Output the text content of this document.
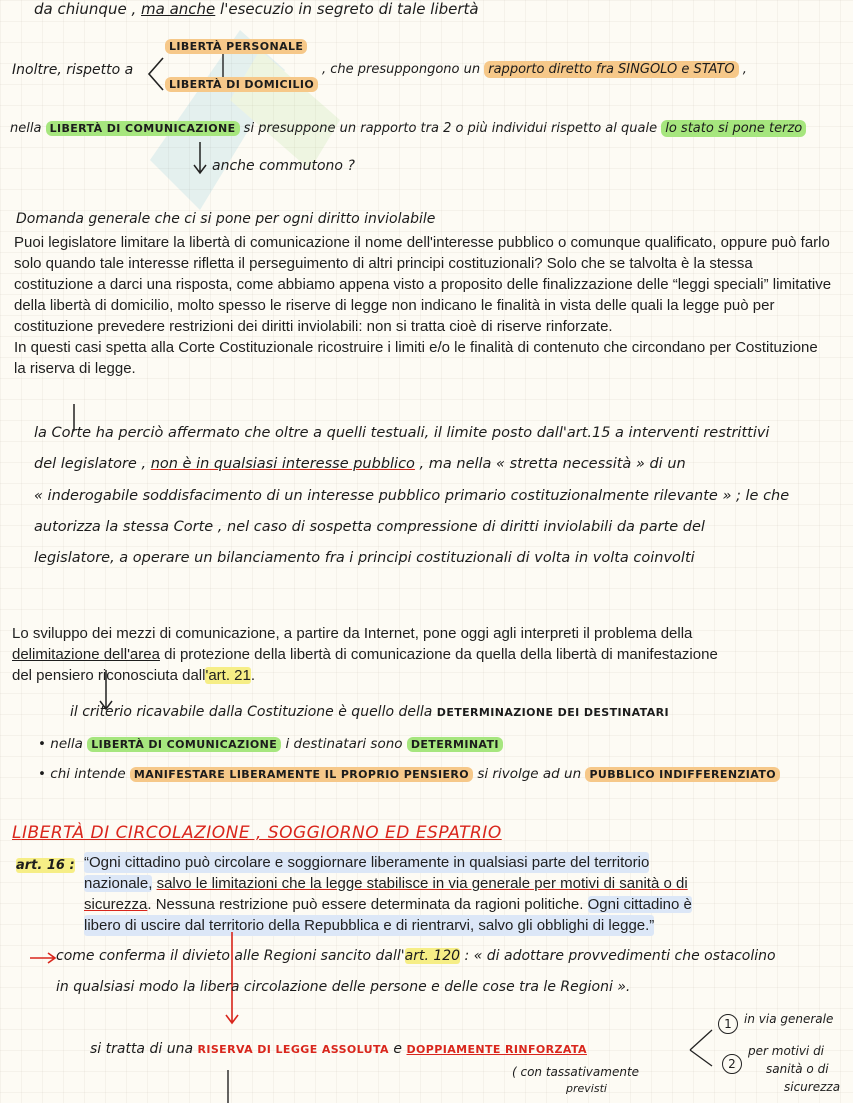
da chiunque , ma anche l'esecuzio in segreto di tale libertà
LIBERTÀ PERSONALE
Inoltre, rispetto a
LIBERTÀ DI DOMICILIO
, che presuppongono un rapporto diretto fra SINGOLO e STATO ,
nella LIBERTÀ DI COMUNICAZIONE si presuppone un rapporto tra 2 o più individui rispetto al quale lo stato si pone terzo
anche commutono ?
Domanda generale che ci si pone per ogni diritto inviolabile

Puoi legislatore limitare la libertà di comunicazione il nome dell'interesse pubblico o comunque qualificato, oppure può farlo solo quando tale interesse rifletta il perseguimento di altri principi costituzionali? Solo che se talvolta è la stessa costituzione a darci una risposta, come abbiamo appena visto a proposito delle finalizzazione delle “leggi speciali” limitative della libertà di domicilio, molto spesso le riserve di legge non indicano le finalità in vista delle quali la legge può per costituzione prevedere restrizioni dei diritti inviolabili: non si tratta cioè di riserve rinforzate.

In questi casi spetta alla Corte Costituzionale ricostruire i limiti e/o le finalità di contenuto che circondano per Costituzione la riserva di legge.

la Corte ha perciò affermato che oltre a quelli testuali, il limite posto dall'art.15 a interventi restrittivi
del legislatore , non è in qualsiasi interesse pubblico , ma nella « stretta necessità » di un
« inderogabile soddisfacimento di un interesse pubblico primario costituzionalmente rilevante » ; le che
autorizza la stessa Corte , nel caso di sospetta compressione di diritti inviolabili da parte del
legislatore, a operare un bilanciamento fra i principi costituzionali di volta in volta coinvolti

Lo sviluppo dei mezzi di comunicazione, a partire da Internet, pone oggi agli interpreti il problema della

delimitazione dell'area di protezione della libertà di comunicazione da quella della libertà di manifestazione

del pensiero riconosciuta dall'art. 21.

il criterio ricavabile dalla Costituzione è quello della DETERMINAZIONE DEI DESTINATARI
• nella LIBERTÀ DI COMUNICAZIONE i destinatari sono DETERMINATI
• chi intende MANIFESTARE LIBERAMENTE IL PROPRIO PENSIERO si rivolge ad un PUBBLICO INDIFFERENZIATO
LIBERTÀ DI CIRCOLAZIONE , SOGGIORNO ED ESPATRIO
art. 16 : “Ogni cittadino può circolare e soggiornare liberamente in qualsiasi parte del territorio

nazionale, salvo le limitazioni che la legge stabilisce in via generale per motivi di sanità o di

sicurezza. Nessuna restrizione può essere determinata da ragioni politiche. Ogni cittadino è

libero di uscire dal territorio della Repubblica e di rientrarvi, salvo gli obblighi di legge.”

come conferma il divieto alle Regioni sancito dall'art. 120 : « di adottare provvedimenti che ostacolino
in qualsiasi modo la libera circolazione delle persone e delle cose tra le Regioni ».
si tratta di una RISERVA DI LEGGE ASSOLUTA e DOPPIAMENTE RINFORZATA
( con tassativamente
previsti
1	in via generale
2
per motivi di
sanità o di
sicurezza
